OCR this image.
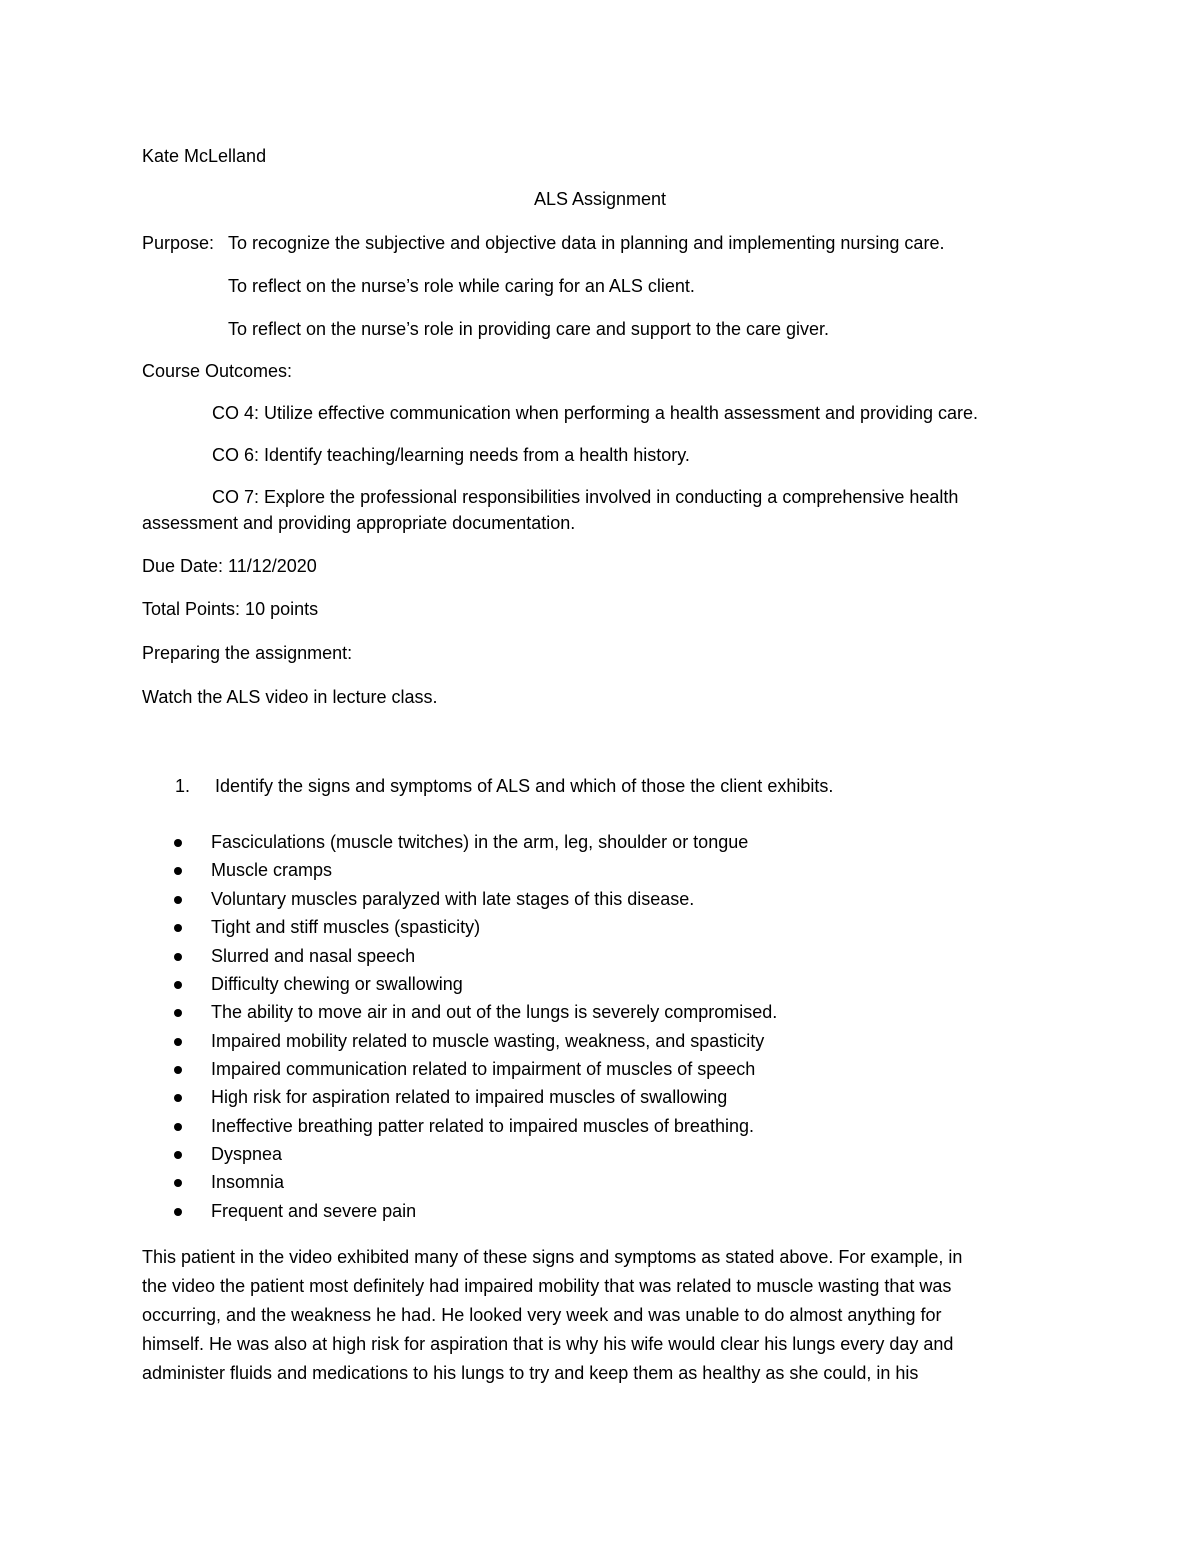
Kate McLelland
ALS Assignment
Purpose: To recognize the subjective and objective data in planning and implementing nursing care.
To reflect on the nurse’s role while caring for an ALS client.
To reflect on the nurse’s role in providing care and support to the care giver.
Course Outcomes:
CO 4: Utilize effective communication when performing a health assessment and providing care.
CO 6: Identify teaching/learning needs from a health history.
CO 7: Explore the professional responsibilities involved in conducting a comprehensive health
assessment and providing appropriate documentation.
Due Date: 11/12/2020
Total Points: 10 points
Preparing the assignment:
Watch the ALS video in lecture class.
1. Identify the signs and symptoms of ALS and which of those the client exhibits.
Fasciculations (muscle twitches) in the arm, leg, shoulder or tongue
Muscle cramps
Voluntary muscles paralyzed with late stages of this disease.
Tight and stiff muscles (spasticity)
Slurred and nasal speech
Difficulty chewing or swallowing
The ability to move air in and out of the lungs is severely compromised.
Impaired mobility related to muscle wasting, weakness, and spasticity
Impaired communication related to impairment of muscles of speech
High risk for aspiration related to impaired muscles of swallowing
Ineffective breathing patter related to impaired muscles of breathing.
Dyspnea
Insomnia
Frequent and severe pain
This patient in the video exhibited many of these signs and symptoms as stated above. For example, in
the video the patient most definitely had impaired mobility that was related to muscle wasting that was
occurring, and the weakness he had. He looked very week and was unable to do almost anything for
himself. He was also at high risk for aspiration that is why his wife would clear his lungs every day and
administer fluids and medications to his lungs to try and keep them as healthy as she could, in his
